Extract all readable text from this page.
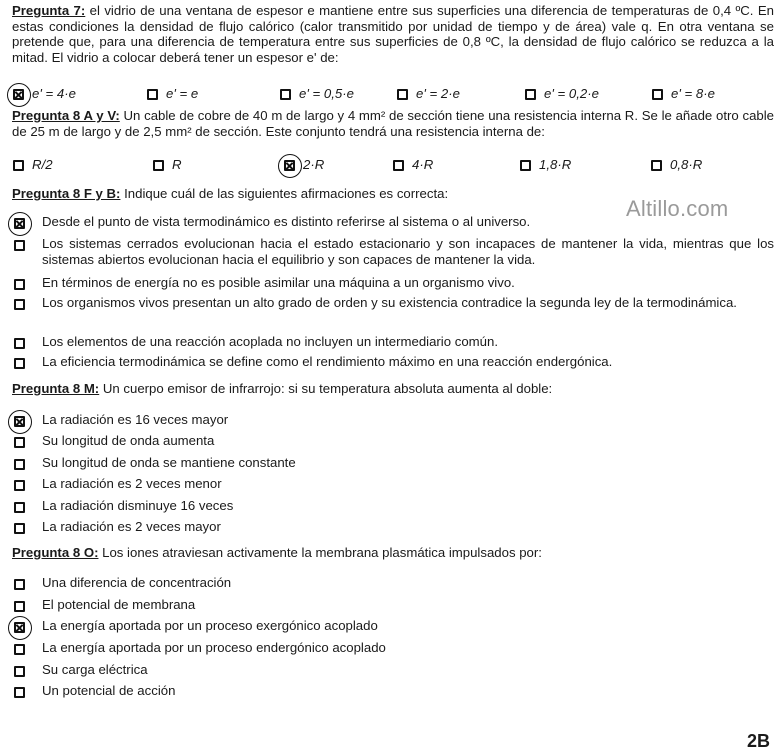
Pregunta 7: el vidrio de una ventana de espesor e mantiene entre sus superficies una diferencia de temperaturas de 0,4 ºC. En estas condiciones la densidad de flujo calórico (calor transmitido por unidad de tiempo y de área) vale q. En otra ventana se pretende que, para una diferencia de temperatura entre sus superficies de 0,8 ºC, la densidad de flujo calórico se reduzca a la mitad. El vidrio a colocar deberá tener un espesor e' de:
e' = 4·e	e' = e	e' = 0,5·e	e' = 2·e	e' = 0,2·e	e' = 8·e
Pregunta 8 A y V: Un cable de cobre de 40 m de largo y 4 mm² de sección tiene una resistencia interna R. Se le añade otro cable de 25 m de largo y de 2,5 mm² de sección. Este conjunto tendrá una resistencia interna de:
R/2	R	2·R	4·R	1,8·R	0,8·R
Pregunta 8 F y B: Indique cuál de las siguientes afirmaciones es correcta:
Altillo.com
Desde el punto de vista termodinámico es distinto referirse al sistema o al universo.
Los sistemas cerrados evolucionan hacia el estado estacionario y son incapaces de mantener la vida, mientras que los sistemas abiertos evolucionan hacia el equilibrio y son capaces de mantener la vida.
En términos de energía no es posible asimilar una máquina a un organismo vivo.
Los organismos vivos presentan un alto grado de orden y su existencia contradice la segunda ley de la termodinámica.
Los elementos de una reacción acoplada no incluyen un intermediario común.
La eficiencia termodinámica se define como el rendimiento máximo en una reacción endergónica.
Pregunta 8 M: Un cuerpo emisor de infrarrojo: si su temperatura absoluta aumenta al doble:
La radiación es 16 veces mayor
Su longitud de onda aumenta
Su longitud de onda se mantiene constante
La radiación es 2 veces menor
La radiación disminuye 16 veces
La radiación es 2 veces mayor
Pregunta 8 O: Los iones atraviesan activamente la membrana plasmática impulsados por:
Una diferencia de concentración
El potencial de membrana
La energía aportada por un proceso exergónico acoplado
La energía aportada por un proceso endergónico acoplado
Su carga eléctrica
Un potencial de acción
2B
